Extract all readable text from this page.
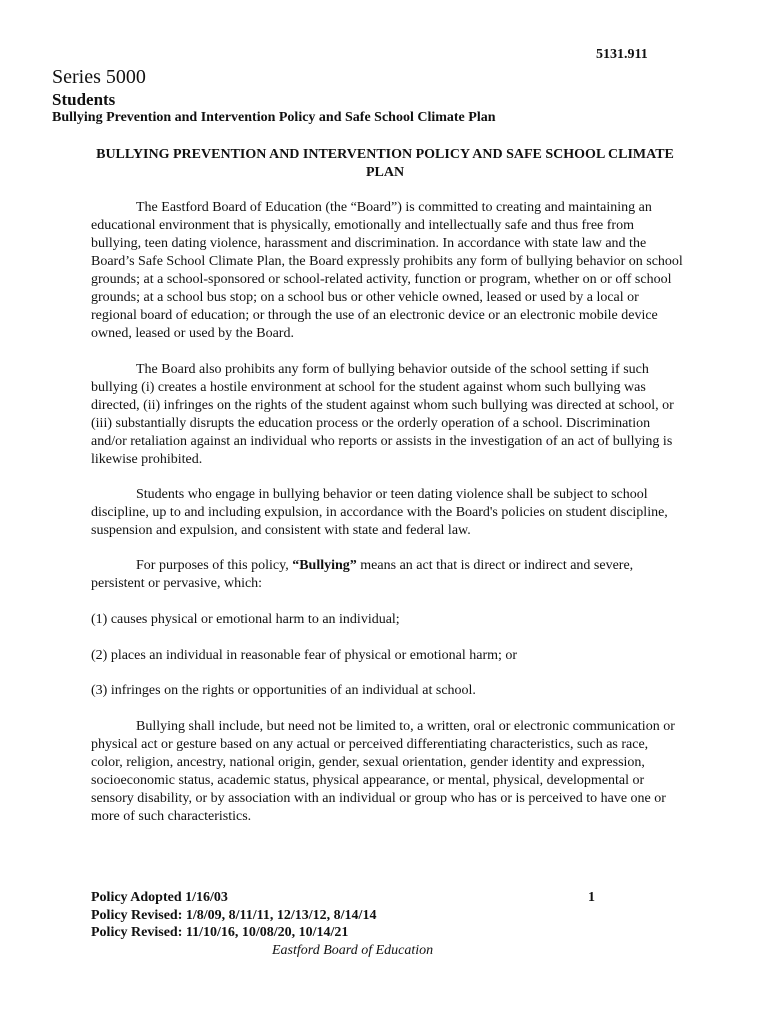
5131.911
Series 5000
Students
Bullying Prevention and Intervention Policy and Safe School Climate Plan
BULLYING PREVENTION AND INTERVENTION POLICY AND SAFE SCHOOL CLIMATE PLAN

The Eastford Board of Education (the “Board”) is committed to creating and maintaining an educational environment that is physically, emotionally and intellectually safe and thus free from bullying, teen dating violence, harassment and discrimination. In accordance with state law and the Board’s Safe School Climate Plan, the Board expressly prohibits any form of bullying behavior on school grounds; at a school-sponsored or school-related activity, function or program, whether on or off school grounds; at a school bus stop; on a school bus or other vehicle owned, leased or used by a local or regional board of education; or through the use of an electronic device or an electronic mobile device owned, leased or used by the Board.

The Board also prohibits any form of bullying behavior outside of the school setting if such bullying (i) creates a hostile environment at school for the student against whom such bullying was directed, (ii) infringes on the rights of the student against whom such bullying was directed at school, or (iii) substantially disrupts the education process or the orderly operation of a school. Discrimination and/or retaliation against an individual who reports or assists in the investigation of an act of bullying is likewise prohibited.

Students who engage in bullying behavior or teen dating violence shall be subject to school discipline, up to and including expulsion, in accordance with the Board's policies on student discipline, suspension and expulsion, and consistent with state and federal law.

For purposes of this policy, “Bullying” means an act that is direct or indirect and severe, persistent or pervasive, which:

(1) causes physical or emotional harm to an individual;

(2) places an individual in reasonable fear of physical or emotional harm; or

(3) infringes on the rights or opportunities of an individual at school.

Bullying shall include, but need not be limited to, a written, oral or electronic communication or physical act or gesture based on any actual or perceived differentiating characteristics, such as race, color, religion, ancestry, national origin, gender, sexual orientation, gender identity and expression, socioeconomic status, academic status, physical appearance, or mental, physical, developmental or sensory disability, or by association with an individual or group who has or is perceived to have one or more of such characteristics.

Policy Adopted 1/16/03
Policy Revised: 1/8/09, 8/11/11, 12/13/12, 8/14/14
Policy Revised: 11/10/16, 10/08/20, 10/14/21
1
Eastford Board of Education
